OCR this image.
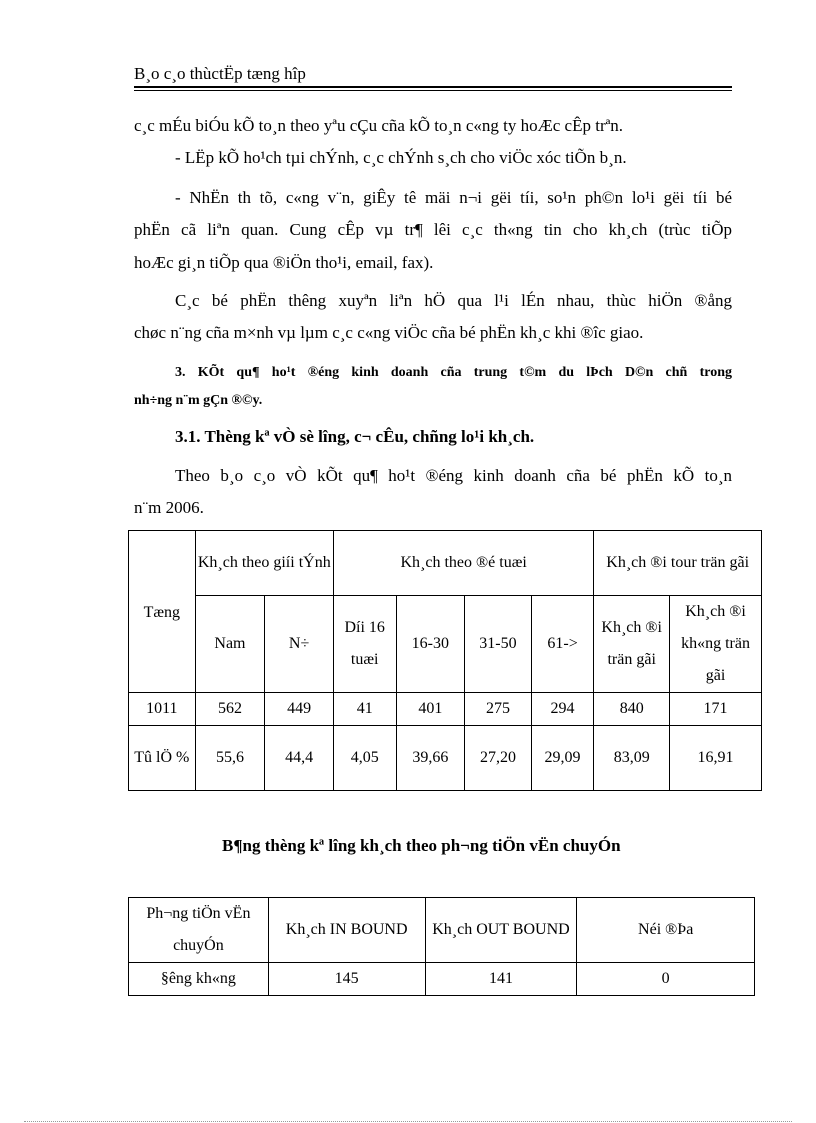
B¸o c¸o thùctËp tæng hîp
c¸c mÉu biÓu kÕ to¸n theo yªu cÇu cña kÕ to¸n c«ng ty hoÆc cÊp trªn.
- LËp kÕ ho¹ch tµi chÝnh, c¸c chÝnh s¸ch cho viÖc xóc tiÕn b¸n.
- NhËn th tõ, c«ng v¨n, giÊy tê mäi n¬i gëi tíi, so¹n ph©n lo¹i gëi tíi bé
phËn cã liªn quan. Cung cÊp vµ tr¶ lêi c¸c th«ng tin cho kh¸ch (trùc tiÕp
hoÆc gi¸n tiÕp qua ®iÖn tho¹i, email, fax).
C¸c bé phËn thêng xuyªn liªn hÖ qua l¹i lÉn nhau, thùc hiÖn ®ång
chøc n¨ng cña m×nh vµ lµm c¸c c«ng viÖc cña bé phËn kh¸c khi ®îc giao.
3. KÕt qu¶ ho¹t ®éng kinh doanh cña trung t©m du lÞch D©n chñ trong
nh÷ng n¨m gÇn ®©y.
3.1. Thèng kª vÒ sè lîng, c¬ cÊu, chñng lo¹i kh¸ch.
Theo b¸o c¸o vÒ kÕt qu¶ ho¹t ®éng kinh doanh cña bé phËn kÕ to¸n
n¨m 2006.
Tæng	Kh¸ch theo giíi tÝnh		Kh¸ch theo ®é tuæi				Kh¸ch ®i tour trän gãi	
	Nam	N÷	Díi 16 tuæi	16-30	31-50	61->	Kh¸ch ®i trän gãi	Kh¸ch ®i kh«ng trän gãi
1011	562	449	41	401	275	294	840	171
Tû lÖ %	55,6	44,4	4,05	39,66	27,20	29,09	83,09	16,91
B¶ng thèng kª lîng kh¸ch theo ph¬ng tiÖn vËn chuyÓn
Ph¬ng tiÖn vËn chuyÓn	Kh¸ch IN BOUND	Kh¸ch OUT BOUND	Néi ®Þa
§êng kh«ng	145	141	0
